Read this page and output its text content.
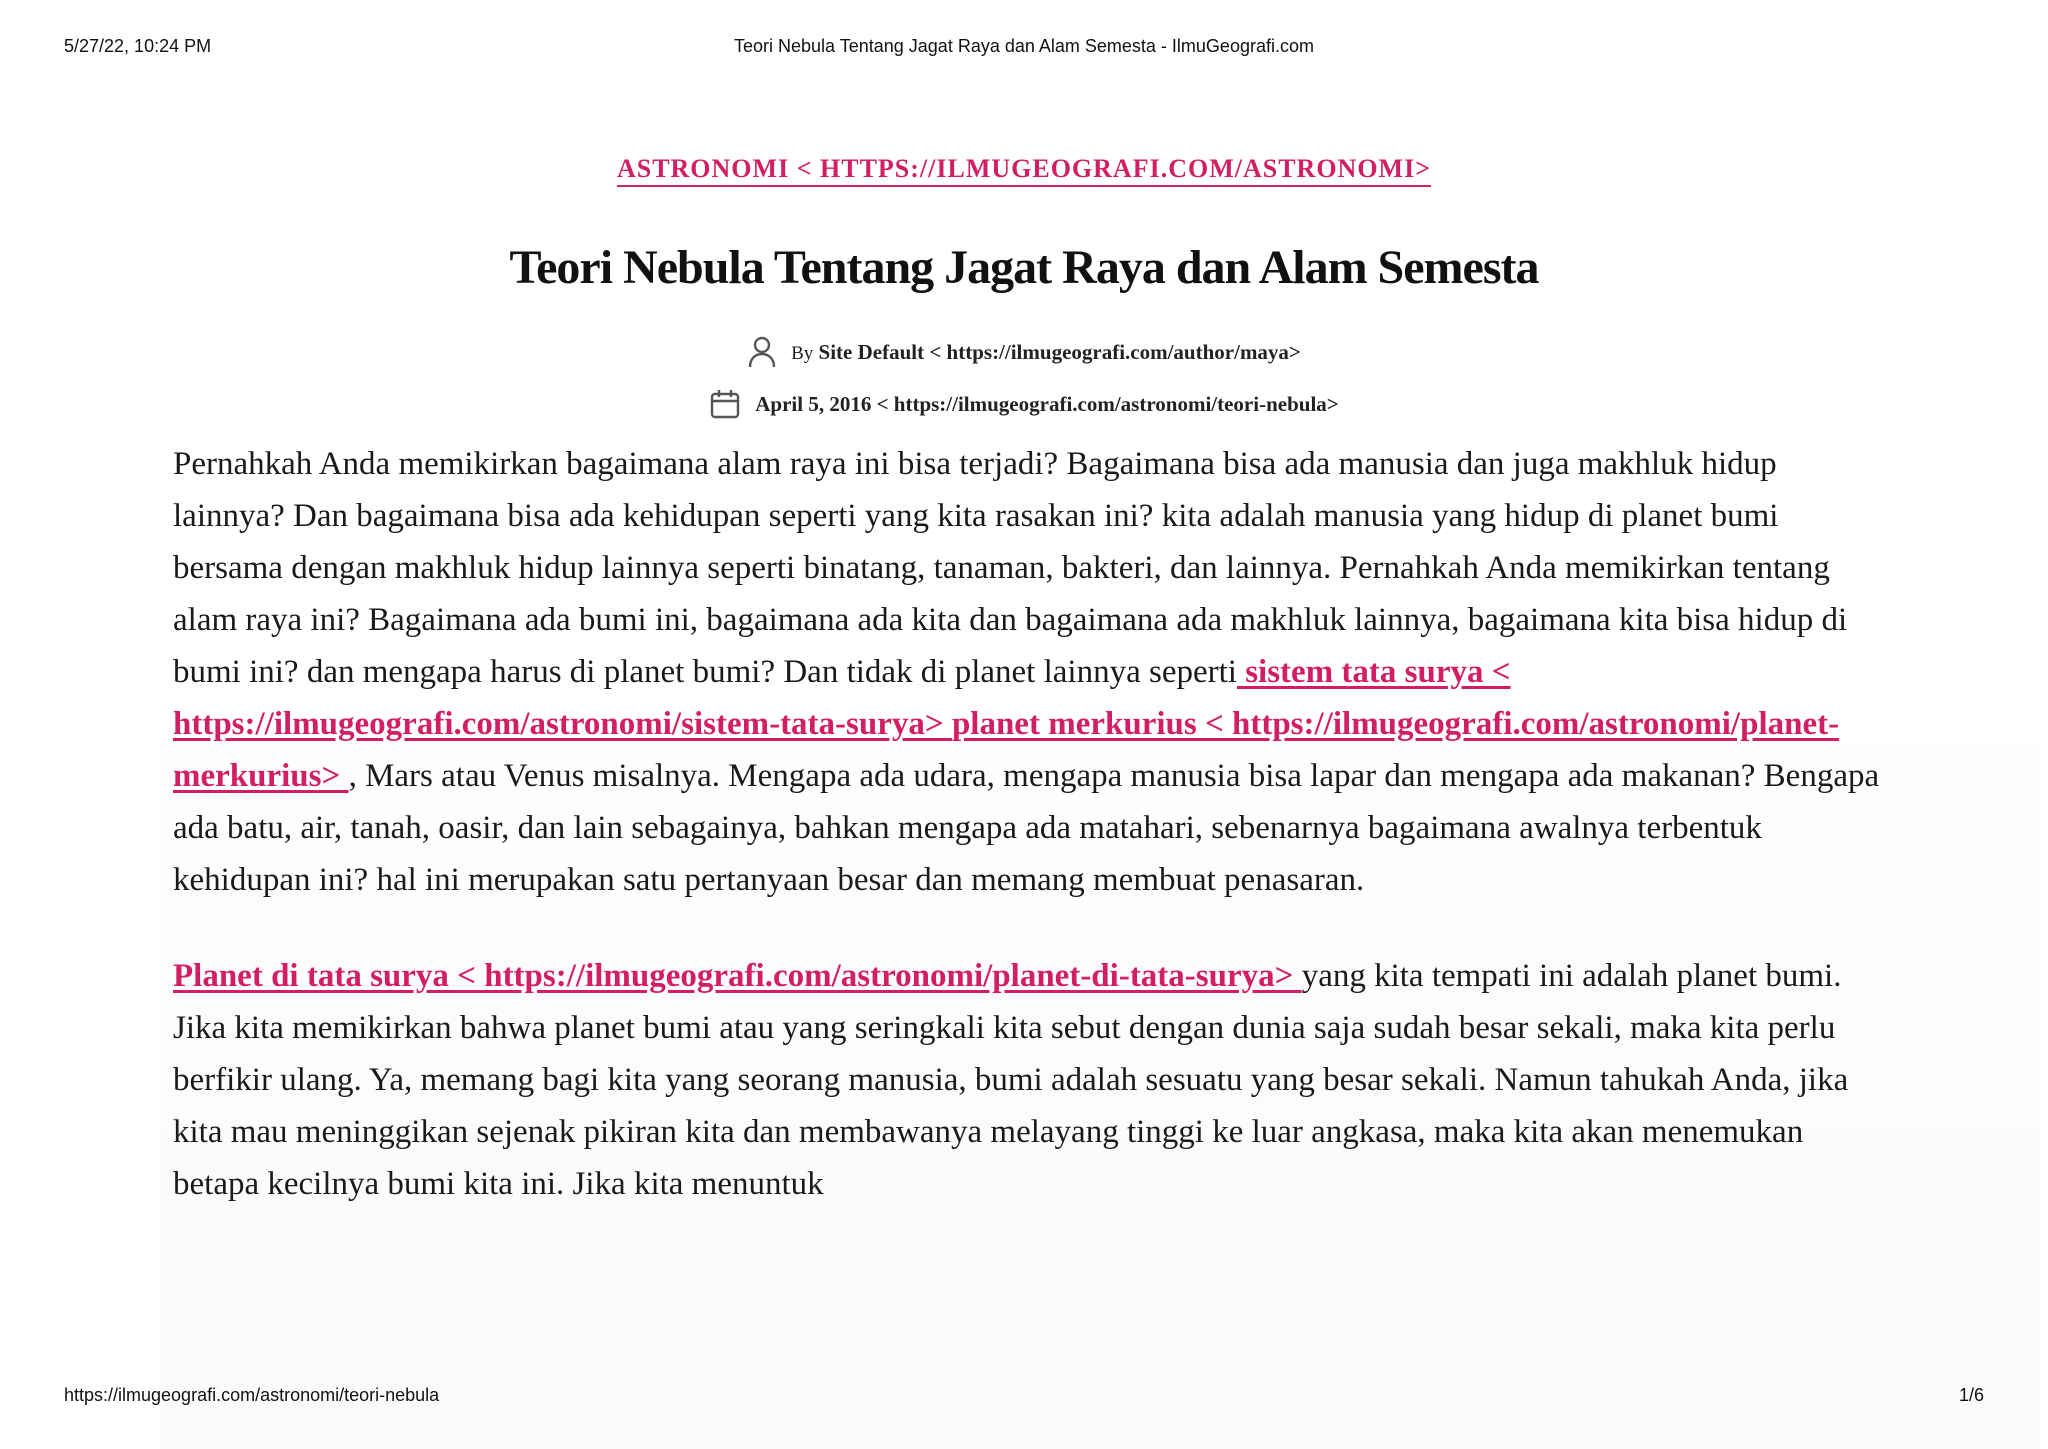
5/27/22, 10:24 PM	Teori Nebula Tentang Jagat Raya dan Alam Semesta - IlmuGeografi.com
ASTRONOMI < HTTPS://ILMUGEOGRAFI.COM/ASTRONOMI>
Teori Nebula Tentang Jagat Raya dan Alam Semesta
By Site Default < https://ilmugeografi.com/author/maya>
April 5, 2016 < https://ilmugeografi.com/astronomi/teori-nebula>

Pernahkah Anda memikirkan bagaimana alam raya ini bisa terjadi? Bagaimana bisa ada manusia dan juga makhluk hidup lainnya? Dan bagaimana bisa ada kehidupan seperti yang kita rasakan ini? kita adalah manusia yang hidup di planet bumi bersama dengan makhluk hidup lainnya seperti binatang, tanaman, bakteri, dan lainnya. Pernahkah Anda memikirkan tentang alam raya ini? Bagaimana ada bumi ini, bagaimana ada kita dan bagaimana ada makhluk lainnya, bagaimana kita bisa hidup di bumi ini? dan mengapa harus di planet bumi? Dan tidak di planet lainnya seperti sistem tata surya < https://ilmugeografi.com/astronomi/sistem-tata-surya> planet merkurius < https://ilmugeografi.com/astronomi/planet-merkurius> , Mars atau Venus misalnya. Mengapa ada udara, mengapa manusia bisa lapar dan mengapa ada makanan? Bengapa ada batu, air, tanah, oasir, dan lain sebagainya, bahkan mengapa ada matahari, sebenarnya bagaimana awalnya terbentuk kehidupan ini? hal ini merupakan satu pertanyaan besar dan memang membuat penasaran.

Planet di tata surya < https://ilmugeografi.com/astronomi/planet-di-tata-surya> yang kita tempati ini adalah planet bumi. Jika kita memikirkan bahwa planet bumi atau yang seringkali kita sebut dengan dunia saja sudah besar sekali, maka kita perlu berfikir ulang. Ya, memang bagi kita yang seorang manusia, bumi adalah sesuatu yang besar sekali. Namun tahukah Anda, jika kita mau meninggikan sejenak pikiran kita dan membawanya melayang tinggi ke luar angkasa, maka kita akan menemukan betapa kecilnya bumi kita ini. Jika kita menuntuk

https://ilmugeografi.com/astronomi/teori-nebula	1/6
